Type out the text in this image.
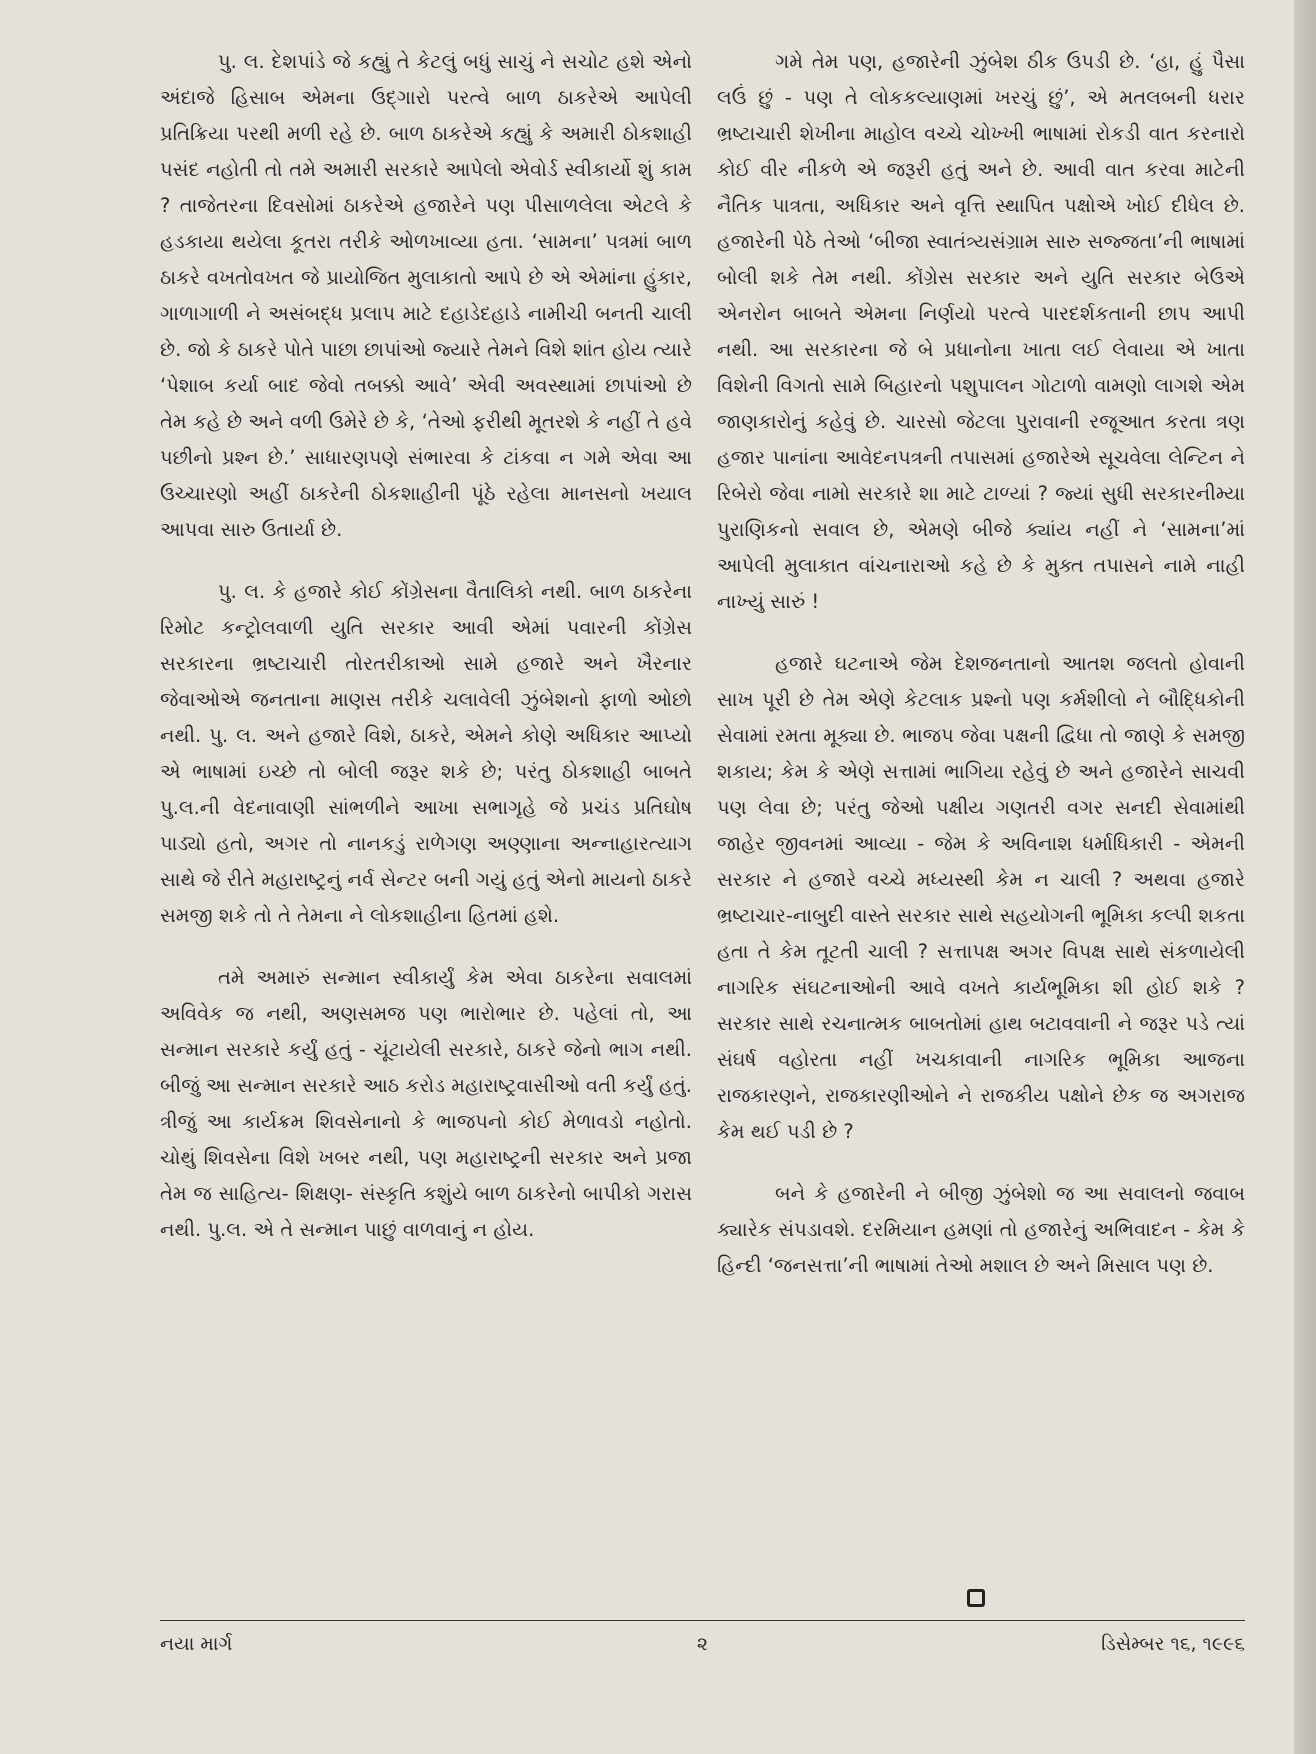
પુ. લ. દેશપાંડે જે કહ્યું તે કેટલું બધું સાચું ને સચોટ હશે એનો અંદાજે હિસાબ એમના ઉદ્‌ગારો પરત્વે બાળ ઠાકરેએ આપેલી પ્રતિક્રિયા પરથી મળી રહે છે. બાળ ઠાકરેએ કહ્યું કે અમારી ઠોકશાહી પસંદ નહોતી તો તમે અમારી સરકારે આપેલો એવોર્ડ સ્વીકાર્યો શું કામ ? તાજેતરના દિવસોમાં ઠાકરેએ હજારેને પણ પીસાળલેલા એટલે કે હડકાયા થયેલા કૂતરા તરીકે ઓળખાવ્યા હતા. ‘સામના’ પત્રમાં બાળ ઠાકરે વખતોવખત જે પ્રાયોજિત મુલાકાતો આપે છે એ એમાંના હુંકાર, ગાળાગાળી ને અસંબદ્ધ પ્રલાપ માટે દહાડેદહાડે નામીચી બનતી ચાલી છે. જો કે ઠાકરે પોતે પાછા છાપાંઓ જ્યારે તેમને વિશે શાંત હોય ત્યારે ‘પેશાબ કર્યા બાદ જેવો તબક્કો આવે’ એવી અવસ્થામાં છાપાંઓ છે તેમ કહે છે અને વળી ઉમેરે છે કે, ‘તેઓ ફરીથી મૂતરશે કે નહીં તે હવે પછીનો પ્રશ્ન છે.’ સાધારણપણે સંભારવા કે ટાંકવા ન ગમે એવા આ ઉચ્ચારણો અહીં ઠાકરેની ઠોકશાહીની પૂંઠે રહેલા માનસનો ખયાલ આપવા સારુ ઉતાર્યા છે.

પુ. લ. કે હજારે કોઈ કોંગ્રેસના વૈતાલિકો નથી. બાળ ઠાકરેના રિમોટ કન્ટ્રોલવાળી યુતિ સરકાર આવી એમાં પવારની કોંગ્રેસ સરકારના ભ્રષ્ટાચારી તોરતરીકાઓ સામે હજારે અને ખૈરનાર જેવાઓએ જનતાના માણસ તરીકે ચલાવેલી ઝુંબેશનો ફાળો ઓછો નથી. પુ. લ. અને હજારે વિશે, ઠાકરે, એમને કોણે અધિકાર આપ્યો એ ભાષામાં ઇચ્છે તો બોલી જરૂર શકે છે; પરંતુ ઠોકશાહી બાબતે પુ.લ.ની વેદનાવાણી સાંભળીને આખા સભાગૃહે જે પ્રચંડ પ્રતિઘોષ પાડ્યો હતો, અગર તો નાનકડું રાળેગણ અણ્ણાના અન્નાહારત્યાગ સાથે જે રીતે મહારાષ્ટ્રનું નર્વ સેન્ટર બની ગયું હતું એનો માયનો ઠાકરે સમજી શકે તો તે તેમના ને લોકશાહીના હિતમાં હશે.

તમે અમારું સન્માન સ્વીકાર્યું કેમ એવા ઠાકરેના સવાલમાં અવિવેક જ નથી, અણસમજ પણ ભારોભાર છે. પહેલાં તો, આ સન્માન સરકારે કર્યું હતું - ચૂંટાયેલી સરકારે, ઠાકરે જેનો ભાગ નથી. બીજું આ સન્માન સરકારે આઠ કરોડ મહારાષ્ટ્રવાસીઓ વતી કર્યું હતું. ત્રીજું આ કાર્યક્રમ શિવસેનાનો કે ભાજપનો કોઈ મેળાવડો નહોતો. ચોથું શિવસેના વિશે ખબર નથી, પણ મહારાષ્ટ્રની સરકાર અને પ્રજા તેમ જ સાહિત્ય- શિક્ષણ- સંસ્કૃતિ કશુંયે બાળ ઠાકરેનો બાપીકો ગરાસ નથી. પુ.લ. એ તે સન્માન પાછું વાળવાનું ન હોય.

ગમે તેમ પણ, હજારેની ઝુંબેશ ઠીક ઉપડી છે. ‘હા, હું પૈસા લઉં છું - પણ તે લોકકલ્યાણમાં ખરચું છું’, એ મતલબની ધરાર ભ્રષ્ટાચારી શેખીના માહોલ વચ્ચે ચોખ્ખી ભાષામાં રોકડી વાત કરનારો કોઈ વીર નીકળે એ જરૂરી હતું અને છે. આવી વાત કરવા માટેની નૈતિક પાત્રતા, અધિકાર અને વૃત્તિ સ્થાપિત પક્ષોએ ખોઈ દીધેલ છે. હજારેની પેઠે તેઓ ‘બીજા સ્વાતંત્ર્યસંગ્રામ સારુ સજ્જતા’ની ભાષામાં બોલી શકે તેમ નથી. કોંગ્રેસ સરકાર અને યુતિ સરકાર બેઉએ એનરોન બાબતે એમના નિર્ણયો પરત્વે પારદર્શકતાની છાપ આપી નથી. આ સરકારના જે બે પ્રધાનોના ખાતા લઈ લેવાયા એ ખાતા વિશેની વિગતો સામે બિહારનો પશુપાલન ગોટાળો વામણો લાગશે એમ જાણકારોનું કહેવું છે. ચારસો જેટલા પુરાવાની રજૂઆત કરતા ત્રણ હજાર પાનાંના આવેદનપત્રની તપાસમાં હજારેએ સૂચવેલા લેન્ટિન ને રિબેરો જેવા નામો સરકારે શા માટે ટાળ્યાં ? જ્યાં સુધી સરકારનીમ્યા પુરાણિકનો સવાલ છે, એમણે બીજે ક્યાંય નહીં ને ‘સામના’માં આપેલી મુલાકાત વાંચનારાઓ કહે છે કે મુક્ત તપાસને નામે નાહી નાખ્યું સારું !

હજારે ઘટનાએ જેમ દેશજનતાનો આતશ જલતો હોવાની સાખ પૂરી છે તેમ એણે કેટલાક પ્રશ્નો પણ કર્મશીલો ને બૌદ્ધિકોની સેવામાં રમતા મૂક્યા છે. ભાજપ જેવા પક્ષની દ્વિધા તો જાણે કે સમજી શકાય; કેમ કે એણે સત્તામાં ભાગિયા રહેવું છે અને હજારેને સાચવી પણ લેવા છે; પરંતુ જેઓ પક્ષીય ગણતરી વગર સનદી સેવામાંથી જાહેર જીવનમાં આવ્યા - જેમ કે અવિનાશ ધર્માધિકારી - એમની સરકાર ને હજારે વચ્ચે મધ્યસ્થી કેમ ન ચાલી ? અથવા હજારે ભ્રષ્ટાચાર-નાબુદી વાસ્તે સરકાર સાથે સહયોગની ભૂમિકા કલ્પી શકતા હતા તે કેમ તૂટતી ચાલી ? સત્તાપક્ષ અગર વિપક્ષ સાથે સંકળાયેલી નાગરિક સંઘટનાઓની આવે વખતે કાર્યભૂમિકા શી હોઈ શકે ? સરકાર સાથે રચનાત્મક બાબતોમાં હાથ બટાવવાની ને જરૂર પડે ત્યાં સંઘર્ષ વહોરતા નહીં ખચકાવાની નાગરિક ભૂમિકા આજના રાજકારણને, રાજકારણીઓને ને રાજકીય પક્ષોને છેક જ અગરાજ કેમ થઈ પડી છે ?

બને કે હજારેની ને બીજી ઝુંબેશો જ આ સવાલનો જવાબ ક્યારેક સંપડાવશે. દરમિયાન હમણાં તો હજારેનું અભિવાદન - કેમ કે હિન્દી ‘જનસત્તા’ની ભાષામાં તેઓ મશાલ છે અને મિસાલ પણ છે.

નયા માર્ગ	૨	ડિસેમ્બર ૧૬, ૧૯૯૬
